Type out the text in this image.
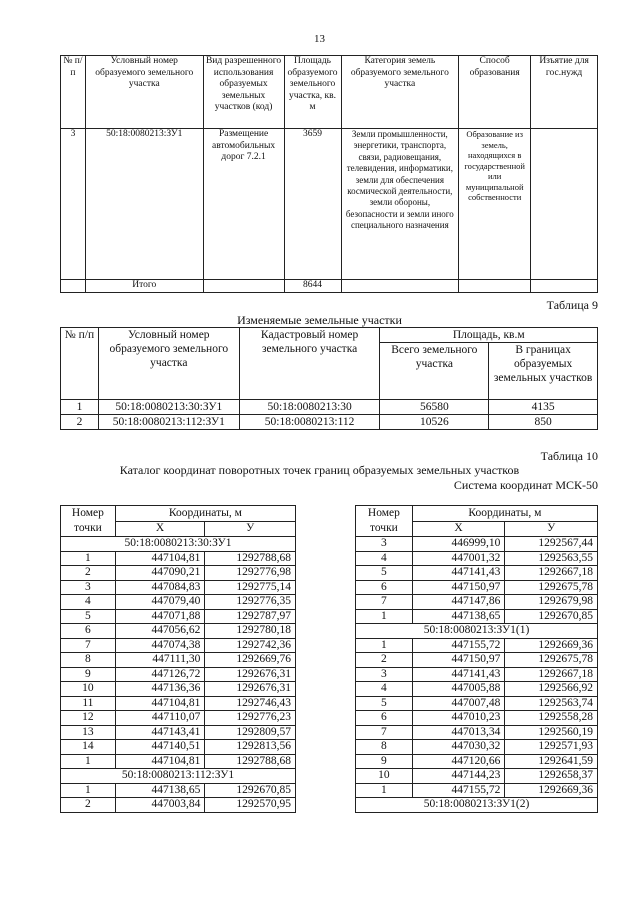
13
№ п/п	Условный номер образуемого земельного участка	Вид разрешенного использования образуемых земельных участков (код)	Площадь образуемого земельного участка, кв. м	Категория земель образуемого земельного участка	Способ образования	Изъятие для гос.нужд
3	50:18:0080213:ЗУ1	Размещение автомобильных дорог 7.2.1	3659	Земли промышленности, энергетики, транспорта, связи, радиовещания, телевидения, информатики, земли для обеспечения космической деятельности, земли обороны, безопасности и земли иного специального назначения	Образование из земель, находящихся в государственной или муниципальной собственности	
	Итого		8644			
Таблица 9
Изменяемые земельные участки
№ п/п	Условный номер образуемого земельного участка	Кадастровый номер земельного участка	Площадь, кв.м	
			Всего земельного участка	В границах образуемых земельных участков
1	50:18:0080213:30:ЗУ1	50:18:0080213:30	56580	4135
2	50:18:0080213:112:ЗУ1	50:18:0080213:112	10526	850
Таблица 10
Каталог координат поворотных точек границ образуемых земельных участков
Система координат МСК-50
Номер точки	Координаты, м	
	X	У
50:18:0080213:30:ЗУ1		
1	447104,81	1292788,68
2	447090,21	1292776,98
3	447084,83	1292775,14
4	447079,40	1292776,35
5	447071,88	1292787,97
6	447056,62	1292780,18
7	447074,38	1292742,36
8	447111,30	1292669,76
9	447126,72	1292676,31
10	447136,36	1292676,31
11	447104,81	1292746,43
12	447110,07	1292776,23
13	447143,41	1292809,57
14	447140,51	1292813,56
1	447104,81	1292788,68
50:18:0080213:112:ЗУ1		
1	447138,65	1292670,85
2	447003,84	1292570,95
Номер точки	Координаты, м	
	X	У
3	446999,10	1292567,44
4	447001,32	1292563,55
5	447141,43	1292667,18
6	447150,97	1292675,78
7	447147,86	1292679,98
1	447138,65	1292670,85
50:18:0080213:ЗУ1(1)		
1	447155,72	1292669,36
2	447150,97	1292675,78
3	447141,43	1292667,18
4	447005,88	1292566,92
5	447007,48	1292563,74
6	447010,23	1292558,28
7	447013,34	1292560,19
8	447030,32	1292571,93
9	447120,66	1292641,59
10	447144,23	1292658,37
1	447155,72	1292669,36
50:18:0080213:ЗУ1(2)		
